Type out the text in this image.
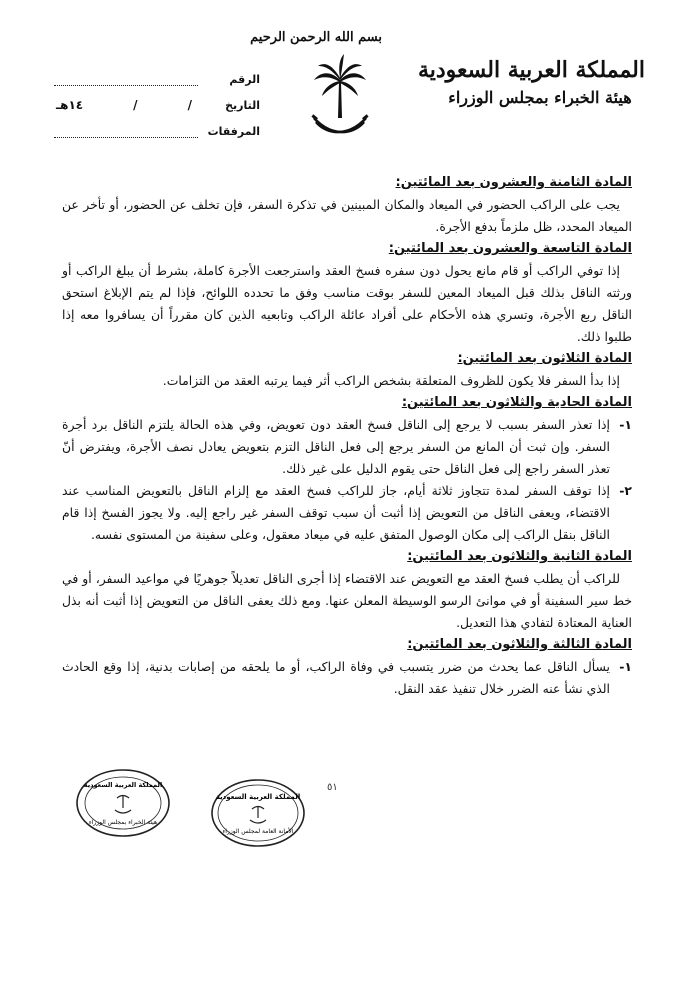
بسم الله الرحمن الرحيم
المملكة العربية السعودية
هيئة الخبراء بمجلس الوزراء
الرقم
التاريخ
/
/
١٤هـ
المرفقات

المادة الثامنة والعشرون بعد المائتين:

يجب على الراكب الحضور في الميعاد والمكان المبينين في تذكرة السفر، فإن تخلف عن الحضور، أو تأخر عن الميعاد المحدد، ظل ملزماً بدفع الأجرة.

المادة التاسعة والعشرون بعد المائتين:

إذا توفي الراكب أو قام مانع يحول دون سفره فسخ العقد واسترجعت الأجرة كاملة، بشرط أن يبلغ الراكب أو ورثته الناقل بذلك قبل الميعاد المعين للسفر بوقت مناسب وفق ما تحدده اللوائح، فإذا لم يتم الإبلاغ استحق الناقل ربع الأجرة، وتسري هذه الأحكام على أفراد عائلة الراكب وتابعيه الذين كان مقرراً أن يسافروا معه إذا طلبوا ذلك.

المادة الثلاثون بعد المائتين:

إذا بدأ السفر فلا يكون للظروف المتعلقة بشخص الراكب أثر فيما يرتبه العقد من التزامات.

المادة الحادية والثلاثون بعد المائتين:

١-
إذا تعذر السفر بسبب لا يرجع إلى الناقل فسخ العقد دون تعويض، وفي هذه الحالة يلتزم الناقل برد أجرة السفر. وإن ثبت أن المانع من السفر يرجع إلى فعل الناقل التزم بتعويض يعادل نصف الأجرة، ويفترض أنّ تعذر السفر راجع إلى فعل الناقل حتى يقوم الدليل على غير ذلك.
٢-
إذا توقف السفر لمدة تتجاوز ثلاثة أيام، جاز للراكب فسخ العقد مع إلزام الناقل بالتعويض المناسب عند الاقتضاء، ويعفى الناقل من التعويض إذا أثبت أن سبب توقف السفر غير راجع إليه. ولا يجوز الفسخ إذا قام الناقل بنقل الراكب إلى مكان الوصول المتفق عليه في ميعاد معقول، وعلى سفينة من المستوى نفسه.

المادة الثانية والثلاثون بعد المائتين:

للراكب أن يطلب فسخ العقد مع التعويض عند الاقتضاء إذا أجرى الناقل تعديلاً جوهريًا في مواعيد السفر، أو في خط سير السفينة أو في موانئ الرسو الوسيطة المعلن عنها. ومع ذلك يعفى الناقل من التعويض إذا أثبت أنه بذل العناية المعتادة لتفادي هذا التعديل.

المادة الثالثة والثلاثون بعد المائتين:

١-
يسأل الناقل عما يحدث من ضرر يتسبب في وفاة الراكب، أو ما يلحقه من إصابات بدنية، إذا وقع الحادث الذي نشأ عنه الضرر خلال تنفيذ عقد النقل.
المملكة العربية السعودية
الأمانة العامة لمجلس الوزراء
٥١
المملكة العربية السعودية
هيئة الخبراء بمجلس الوزراء
